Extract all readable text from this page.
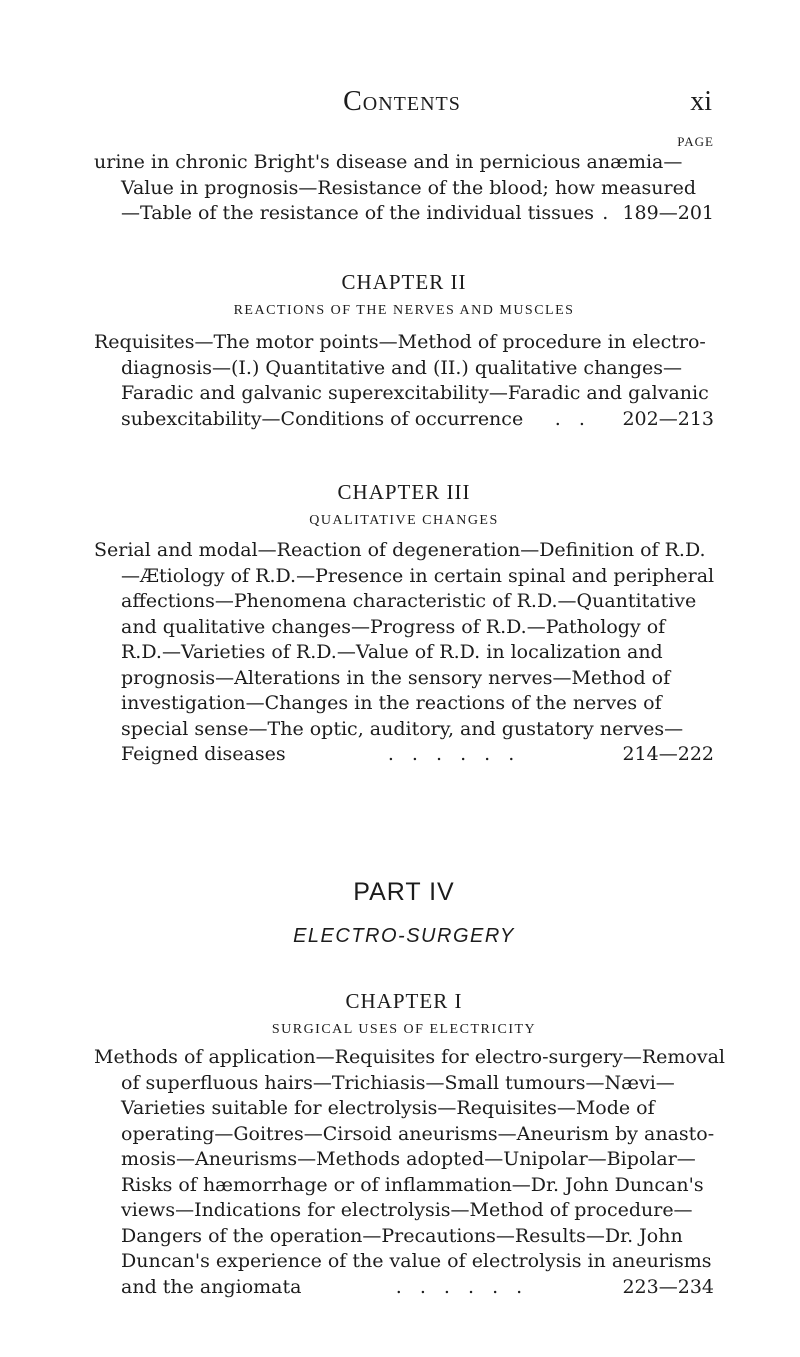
Contents	xi
PAGE
urine in chronic Bright's disease and in pernicious anæmia—
Value in prognosis—Resistance of the blood; how measured
—Table of the resistance of the individual tissues . 189—201
CHAPTER II
REACTIONS OF THE NERVES AND MUSCLES
Requisites—The motor points—Method of procedure in electro-
diagnosis—(I.) Quantitative and (II.) qualitative changes—
Faradic and galvanic superexcitability—Faradic and galvanic
subexcitability—Conditions of occurrence	. .	202—213
CHAPTER III
QUALITATIVE CHANGES
Serial and modal—Reaction of degeneration—Definition of R.D.
—Ætiology of R.D.—Presence in certain spinal and peripheral
affections—Phenomena characteristic of R.D.—Quantitative
and qualitative changes—Progress of R.D.—Pathology of
R.D.—Varieties of R.D.—Value of R.D. in localization and
prognosis—Alterations in the sensory nerves—Method of
investigation—Changes in the reactions of the nerves of
special sense—The optic, auditory, and gustatory nerves—
Feigned diseases	. . . . . .	214—222
PART IV
ELECTRO-SURGERY
CHAPTER I
SURGICAL USES OF ELECTRICITY
Methods of application—Requisites for electro-surgery—Removal
of superfluous hairs—Trichiasis—Small tumours—Nævi—
Varieties suitable for electrolysis—Requisites—Mode of
operating—Goitres—Cirsoid aneurisms—Aneurism by anasto-
mosis—Aneurisms—Methods adopted—Unipolar—Bipolar—
Risks of hæmorrhage or of inflammation—Dr. John Duncan's
views—Indications for electrolysis—Method of procedure—
Dangers of the operation—Precautions—Results—Dr. John
Duncan's experience of the value of electrolysis in aneurisms
and the angiomata	. . . . . .	223—234
